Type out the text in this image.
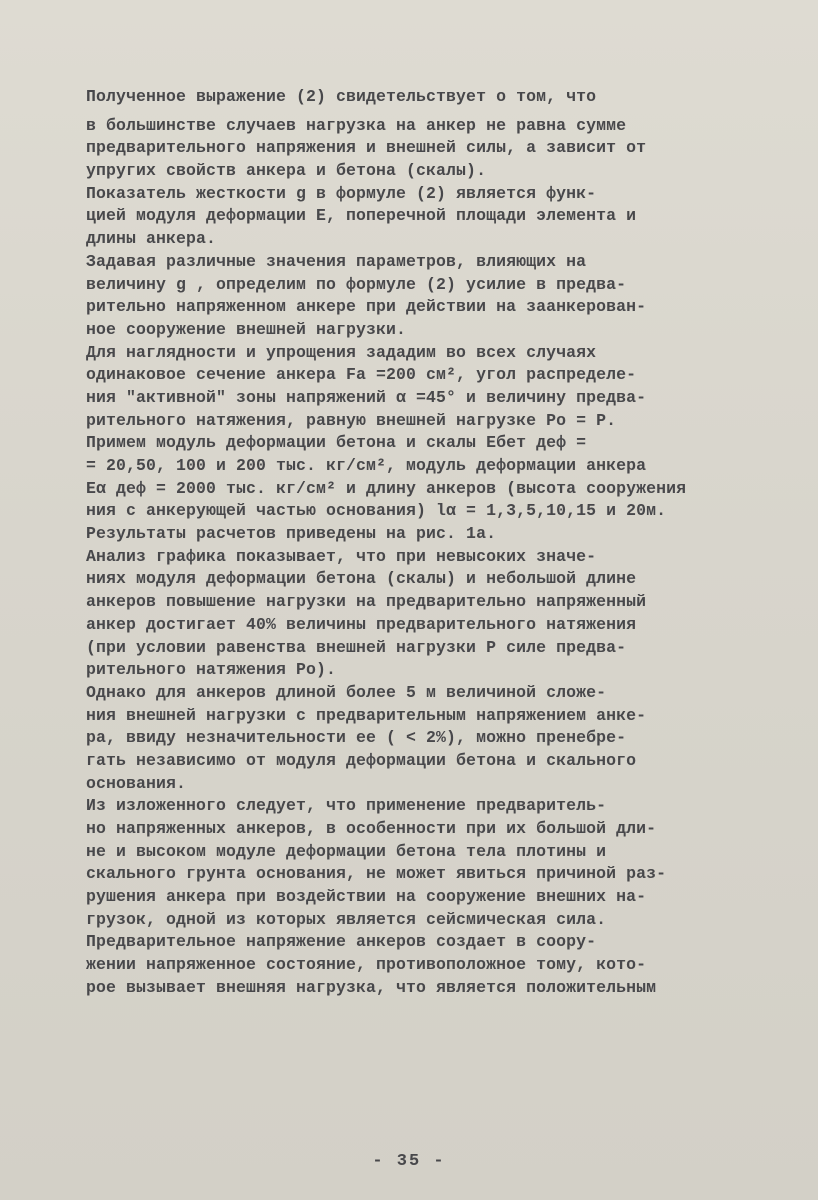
Полученное выражение (2) свидетельствует о том, что
в большинстве случаев нагрузка на анкер не равна сумме
предварительного напряжения и внешней силы, а зависит от
упругих свойств анкера и бетона (скалы).
Показатель жесткости g в формуле (2) является функ-
цией модуля деформации E, поперечной площади элемента и
длины анкера.
Задавая различные значения параметров, влияющих на
величину g , определим по формуле (2) усилие в предва-
рительно напряженном анкере при действии на заанкерован-
ное сооружение внешней нагрузки.
Для наглядности и упрощения зададим во всех случаях
одинаковое сечение анкера Fa =200 см², угол распределе-
ния "активной" зоны напряжений α =45° и величину предва-
рительного натяжения, равную внешней нагрузке Pо = P.
Примем модуль деформации бетона и скалы Eбет деф =
= 20,50, 100 и 200 тыс. кг/см², модуль деформации анкера
Eα деф = 2000 тыс. кг/см² и длину анкеров (высота сооружения
ния с анкерующей частью основания) lα = 1,3,5,10,15 и 20м.
Результаты расчетов приведены на рис. 1а.
Анализ графика показывает, что при невысоких значе-
ниях модуля деформации бетона (скалы) и небольшой длине
анкеров повышение нагрузки на предварительно напряженный
анкер достигает 40% величины предварительного натяжения
(при условии равенства внешней нагрузки P силе предва-
рительного натяжения Pо).
Однако для анкеров длиной более 5 м величиной сложе-
ния внешней нагрузки с предварительным напряжением анке-
ра, ввиду незначительности ее ( < 2%), можно пренебре-
гать независимо от модуля деформации бетона и скального
основания.
Из изложенного следует, что применение предваритель-
но напряженных анкеров, в особенности при их большой дли-
не и высоком модуле деформации бетона тела плотины и
скального грунта основания, не может явиться причиной раз-
рушения анкера при воздействии на сооружение внешних на-
грузок, одной из которых является сейсмическая сила.
Предварительное напряжение анкеров создает в соору-
жении напряженное состояние, противоположное тому, кото-
рое вызывает внешняя нагрузка, что является положительным
- 35 -
